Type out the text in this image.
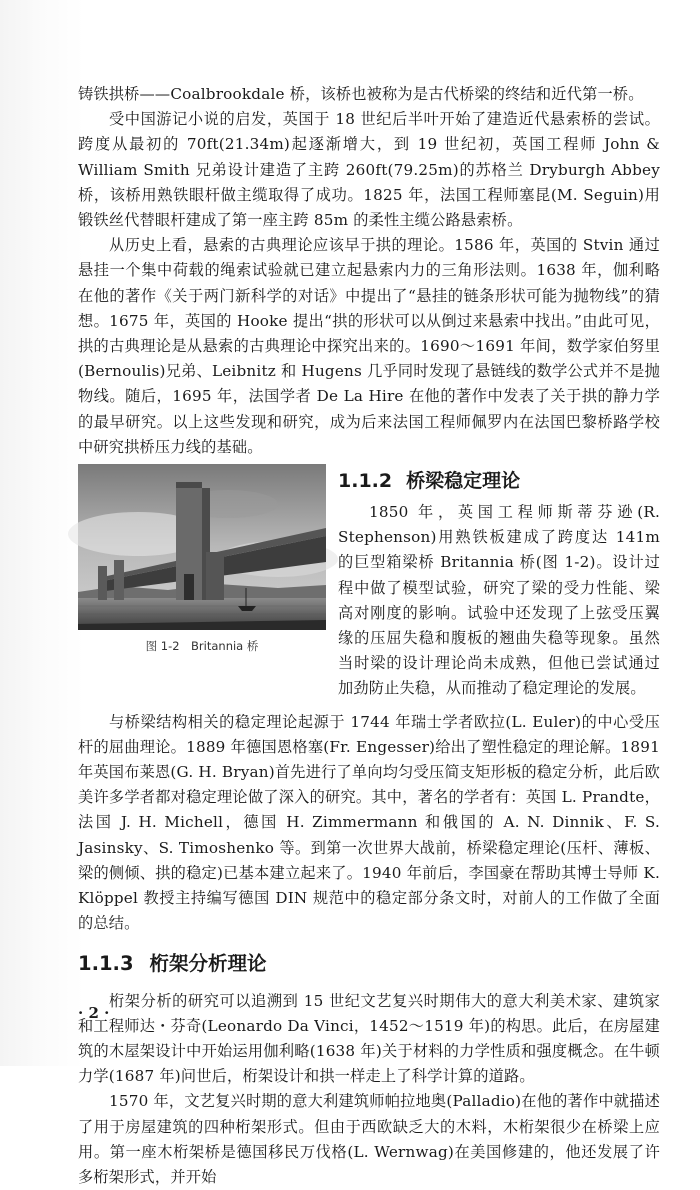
铸铁拱桥——Coalbrookdale 桥，该桥也被称为是古代桥梁的终结和近代第一桥。

受中国游记小说的启发，英国于 18 世纪后半叶开始了建造近代悬索桥的尝试。跨度从最初的 70ft(21.34m)起逐渐增大，到 19 世纪初，英国工程师 John & William Smith 兄弟设计建造了主跨 260ft(79.25m)的苏格兰 Dryburgh Abbey 桥，该桥用熟铁眼杆做主缆取得了成功。1825 年，法国工程师塞昆(M. Seguin)用锻铁丝代替眼杆建成了第一座主跨 85m 的柔性主缆公路悬索桥。

从历史上看，悬索的古典理论应该早于拱的理论。1586 年，英国的 Stvin 通过悬挂一个集中荷载的绳索试验就已建立起悬索内力的三角形法则。1638 年，伽利略在他的著作《关于两门新科学的对话》中提出了“悬挂的链条形状可能为抛物线”的猜想。1675 年，英国的 Hooke 提出“拱的形状可以从倒过来悬索中找出。”由此可见，拱的古典理论是从悬索的古典理论中探究出来的。1690～1691 年间，数学家伯努里(Bernoulis)兄弟、Leibnitz 和 Hugens 几乎同时发现了悬链线的数学公式并不是抛物线。随后，1695 年，法国学者 De La Hire 在他的著作中发表了关于拱的静力学的最早研究。以上这些发现和研究，成为后来法国工程师佩罗内在法国巴黎桥路学校中研究拱桥压力线的基础。

图 1-2　Britannia 桥
1.1.2 桥梁稳定理论

1850 年，英国工程师斯蒂芬逊(R. Stephenson)用熟铁板建成了跨度达 141m 的巨型箱梁桥 Britannia 桥(图 1-2)。设计过程中做了模型试验，研究了梁的受力性能、梁高对刚度的影响。试验中还发现了上弦受压翼缘的压屈失稳和腹板的翘曲失稳等现象。虽然当时梁的设计理论尚未成熟，但他已尝试通过加劲防止失稳，从而推动了稳定理论的发展。

与桥梁结构相关的稳定理论起源于 1744 年瑞士学者欧拉(L. Euler)的中心受压杆的屈曲理论。1889 年德国恩格塞(Fr. Engesser)给出了塑性稳定的理论解。1891 年英国布莱恩(G. H. Bryan)首先进行了单向均匀受压简支矩形板的稳定分析，此后欧美许多学者都对稳定理论做了深入的研究。其中，著名的学者有：英国 L. Prandte，法国 J. H. Michell，德国 H. Zimmermann 和俄国的 A. N. Dinnik、F. S. Jasinsky、S. Timoshenko 等。到第一次世界大战前，桥梁稳定理论(压杆、薄板、梁的侧倾、拱的稳定)已基本建立起来了。1940 年前后，李国豪在帮助其博士导师 K. Klöppel 教授主持编写德国 DIN 规范中的稳定部分条文时，对前人的工作做了全面的总结。

1.1.3 桁架分析理论

桁架分析的研究可以追溯到 15 世纪文艺复兴时期伟大的意大利美术家、建筑家和工程师达・芬奇(Leonardo Da Vinci，1452～1519 年)的构思。此后，在房屋建筑的木屋架设计中开始运用伽利略(1638 年)关于材料的力学性质和强度概念。在牛顿力学(1687 年)问世后，桁架设计和拱一样走上了科学计算的道路。

1570 年，文艺复兴时期的意大利建筑师帕拉地奥(Palladio)在他的著作中就描述了用于房屋建筑的四种桁架形式。但由于西欧缺乏大的木料，木桁架很少在桥梁上应用。第一座木桁架桥是德国移民万伐格(L. Wernwag)在美国修建的，他还发展了许多桁架形式，并开始

· 2 ·
